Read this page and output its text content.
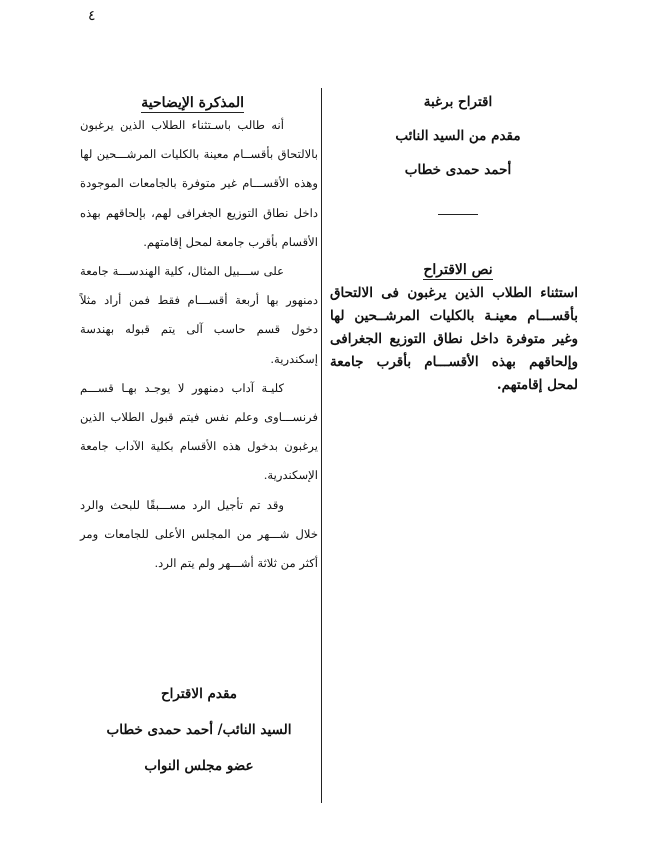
٤
اقتراح برغبة
مقدم من السيد النائب
أحمد حمدى خطاب
نص الاقتراح

استثناء الطلاب الذين يرغبون فى الالتحاق بأقســـام معينـة بالكليات المرشــحين لها وغير متوفرة داخل نطاق التوزيع الجغرافى وإلحاقهم بهذه الأقســـام بأقرب جامعة لمحل إقامتهم.

المذكرة الإيضاحية

أنه طالب باسـتثناء الطلاب الذين يرغبون بالالتحاق بأقســام معينة بالكليات المرشـــحين لها وهذه الأقســـام غير متوفرة بالجامعات الموجودة داخل نطاق التوزيع الجغرافى لهم، بإلحاقهم بهذه الأقسام بأقرب جامعة لمحل إقامتهم.

على ســـبيل المثال، كلية الهندســـة جامعة دمنهور بها أربعة أقســـام فقط فمن أراد مثلاً دخول قسم حاسب آلى يتم قبوله بهندسة إسكندرية.

كليـة آداب دمنهور لا يوجـد بهـا قســـم فرنســـاوى وعلم نفس فيتم قبول الطلاب الذين يرغبون بدخول هذه الأقسام بكلية الآداب جامعة الإسكندرية.

وقد تم تأجيل الرد مســـبقًا للبحث والرد خلال شـــهر من المجلس الأعلى للجامعات ومر أكثر من ثلاثة أشـــهر ولم يتم الرد.

مقدم الاقتراح
السيد النائب/ أحمد حمدى خطاب
عضو مجلس النواب
